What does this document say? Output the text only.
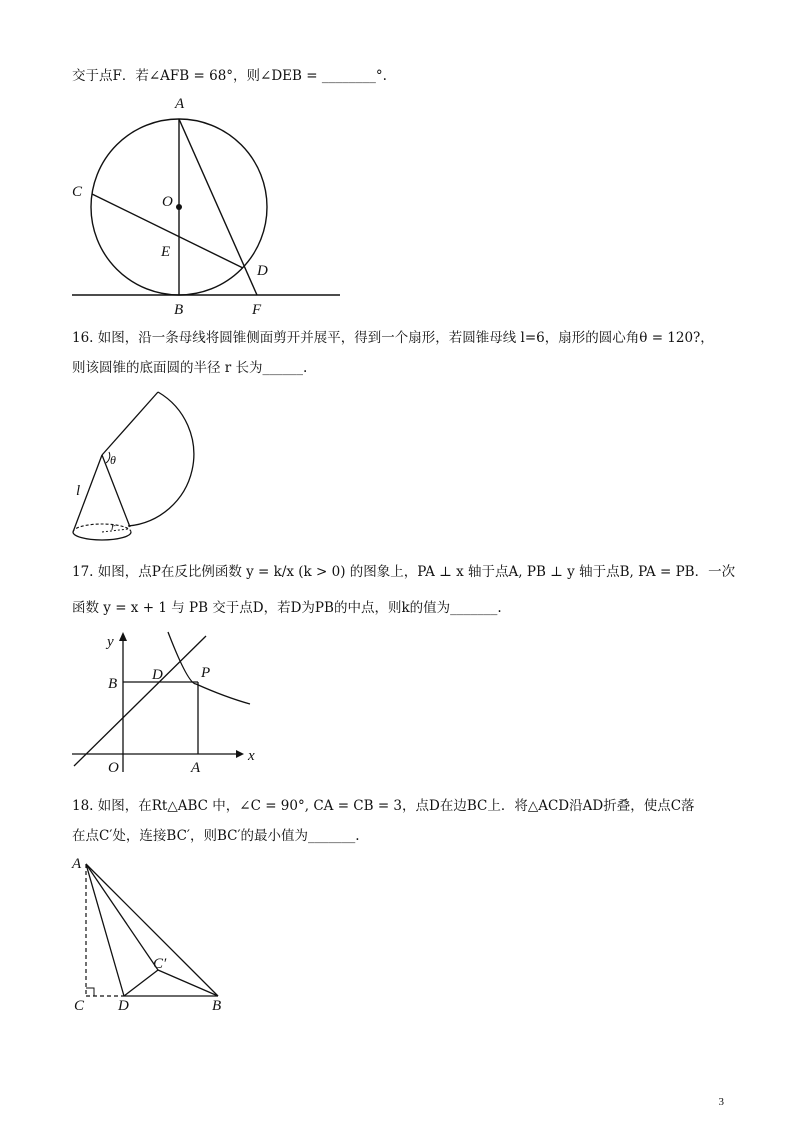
交于点F．若∠AFB = 68°，则∠DEB = ________°.
A
C
O
E
D
B	F
16. 如图，沿一条母线将圆锥侧面剪开并展平，得到一个扇形，若圆锥母线 l=6，扇形的圆心角θ = 120?，
则该圆锥的底面圆的半径 r 长为______.
θ
l
r
17. 如图，点P在反比例函数 y = k/x (k > 0) 的图象上，PA ⊥ x 轴于点A, PB ⊥ y 轴于点B, PA = PB．一次
函数 y = x + 1 与 PB 交于点D，若D为PB的中点，则k的值为_______.
y
x
B
D	P
O	A
18. 如图，在Rt△ABC 中，∠C = 90°, CA = CB = 3，点D在边BC上．将△ACD沿AD折叠，使点C落
在点C′处，连接BC′，则BC′的最小值为_______.
A
C′
C D	B
3
